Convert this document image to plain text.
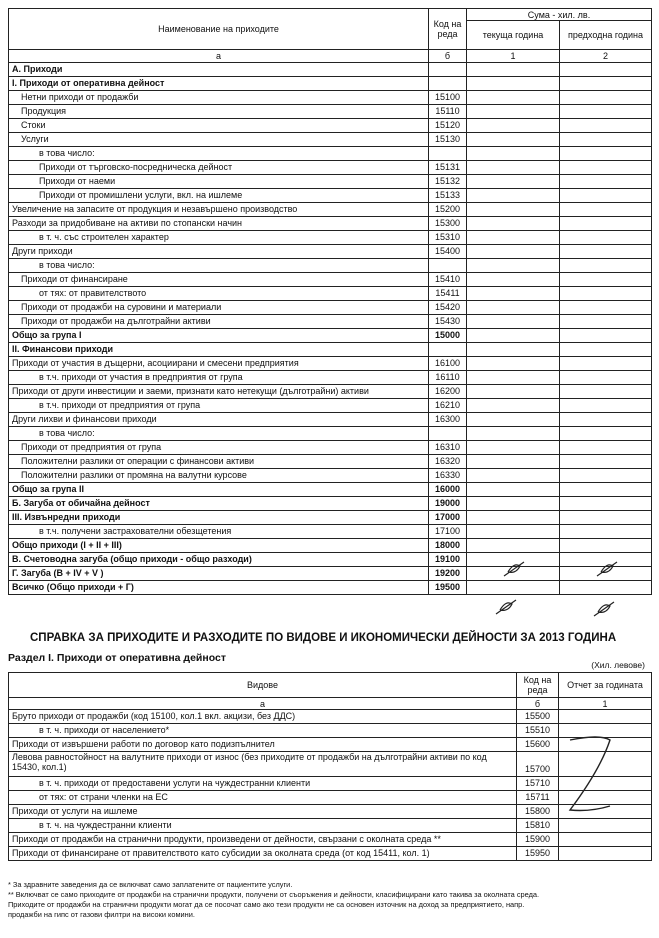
Наименование на приходите	Код на реда	Сума - хил. лв.	
		текуща година	предходна година
а	б	1	2
А. Приходи			
I. Приходи от оперативна дейност			
Нетни приходи от продажби	15100		
Продукция	15110		
Стоки	15120		
Услуги	15130		
в това число:			
Приходи от търговско-посредническа дейност	15131		
Приходи от наеми	15132		
Приходи от промишлени услуги, вкл. на ишлеме	15133		
Увеличение на запасите от продукция и незавършено производство	15200		
Разходи за придобиване на активи по стопански начин	15300		
в т. ч. със строителен характер	15310		
Други приходи	15400		
в това число:			
Приходи от финансиране	15410		
от тях: от правителството	15411		
Приходи от продажби на суровини и материали	15420		
Приходи от продажби на дълготрайни активи	15430		
Общо за група I	15000		
II. Финансови приходи			
Приходи от участия в дъщерни, асоциирани и смесени предприятия	16100		
в т.ч. приходи от участия в предприятия от група	16110		
Приходи от други инвестиции и заеми, признати като нетекущи (дълготрайни) активи	16200		
в т.ч. приходи от предприятия от група	16210		
Други лихви и финансови приходи	16300		
в това число:			
Приходи от предприятия от група	16310		
Положителни разлики от операции с финансови активи	16320		
Положителни разлики от промяна на валутни курсове	16330		
Общо за група II	16000		
Б. Загуба от обичайна дейност	19000		
III. Извънредни приходи	17000		
в т.ч. получени застрахователни обезщетения	17100		
Общо приходи (I + II + III)	18000		
В. Счетоводна загуба (общо приходи - общо разходи)	19100		
Г. Загуба (В + IV + V )	19200		
Всичко (Общо приходи + Г)	19500		
СПРАВКА ЗА ПРИХОДИТЕ И РАЗХОДИТЕ ПО ВИДОВЕ И ИКОНОМИЧЕСКИ ДЕЙНОСТИ ЗА 2013 ГОДИНА
Раздел I. Приходи от оперативна дейност
(Хил. левове)
Видове	Код на реда	Отчет за годината
а	б	1
Бруто приходи от продажби (код 15100, кол.1 вкл. акцизи, без ДДС)	15500	
в т. ч. приходи от населението*	15510	
Приходи от извършени работи по договор като подизпълнител	15600	
Левова равностойност на валутните приходи от износ (без приходите от продажби на дълготрайни активи по код 15430, кол.1)	15700	
в т. ч. приходи от предоставени услуги на чуждестранни клиенти	15710	
от тях: от страни членки на ЕС	15711	
Приходи от услуги на ишлеме	15800	
в т. ч. на чуждестранни клиенти	15810	
Приходи от продажби на странични продукти, произведени от дейности, свързани с околната среда **	15900	
Приходи от финансиране от правителството като субсидии за околната среда (от код 15411, кол. 1)	15950	
* За здравните заведения да се включват само заплатените от пациентите услуги.
** Включват се само приходите от продажби на странични продукти, получени от съоръжения и дейности, класифицирани като такива за околната среда.
Приходите от продажби на странични продукти могат да се посочат само ако тези продукти не са основен източник на доход за предприятието, напр.
продажби на гипс от газови филтри на високи комини.
